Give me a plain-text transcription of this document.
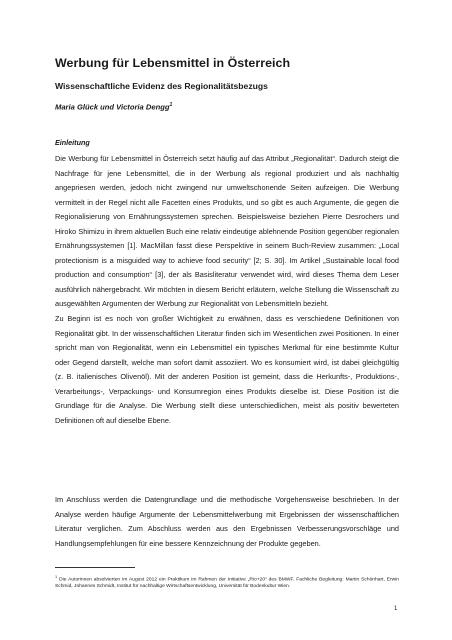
Werbung für Lebensmittel in Österreich
Wissenschaftliche Evidenz des Regionalitätsbezugs
Maria Glück und Victoria Dengg$^1$
Einleitung

Die Werbung für Lebensmittel in Österreich setzt häufig auf das Attribut „Regionalität“. Dadurch steigt die Nachfrage für jene Lebensmittel, die in der Werbung als regional produziert und als nachhaltig angepriesen werden, jedoch nicht zwingend nur umweltschonende Seiten aufzeigen. Die Werbung vermittelt in der Regel nicht alle Facetten eines Produkts, und so gibt es auch Argumente, die gegen die Regionalisierung von Ernährungssystemen sprechen. Beispielsweise beziehen Pierre Desrochers und Hiroko Shimizu in ihrem aktuellen Buch eine relativ eindeutige ablehnende Position gegenüber regionalen Ernährungssystemen [1]. MacMillan fasst diese Perspektive in seinem Buch-Review zusammen: „Local protectionism is a misguided way to achieve food security“ [2; S. 30]. Im Artikel „Sustainable local food production and consumption“ [3], der als Basisliteratur verwendet wird, wird dieses Thema dem Leser ausführlich nähergebracht. Wir möchten in diesem Bericht erläutern, welche Stellung die Wissenschaft zu ausgewählten Argumenten der Werbung zur Regionalität von Lebensmitteln bezieht.

Zu Beginn ist es noch von großer Wichtigkeit zu erwähnen, dass es verschiedene Definitionen von Regionalität gibt. In der wissenschaftlichen Literatur finden sich im Wesentlichen zwei Positionen. In einer spricht man von Regionalität, wenn ein Lebensmittel ein typisches Merkmal für eine bestimmte Kultur oder Gegend darstellt, welche man sofort damit assoziiert. Wo es konsumiert wird, ist dabei gleichgültig (z. B. italienisches Olivenöl). Mit der anderen Position ist gemeint, dass die Herkunfts-, Produktions-, Verarbeitungs-, Verpackungs- und Konsumregion eines Produkts dieselbe ist. Diese Position ist die Grundlage für die Analyse. Die Werbung stellt diese unterschiedlichen, meist als positiv bewerteten Definitionen oft auf dieselbe Ebene.

Im Anschluss werden die Datengrundlage und die methodische Vorgehensweise beschrieben. In der Analyse werden häufige Argumente der Lebensmittelwerbung mit Ergebnissen der wissenschaftlichen Literatur verglichen. Zum Abschluss werden aus den Ergebnissen Verbesserungsvorschläge und Handlungsempfehlungen für eine bessere Kennzeichnung der Produkte gegeben.

$^1$ Die Autorinnen absolvierten im August 2012 ein Praktikum im Rahmen der Initiative „Rio+20“ des BMWF. Fachliche Begleitung: Martin Schönhart, Erwin Schmid, Johannes Schmidt, Institut für nachhaltige Wirtschaftsentwicklung, Universität für Bodenkultur Wien.

1
